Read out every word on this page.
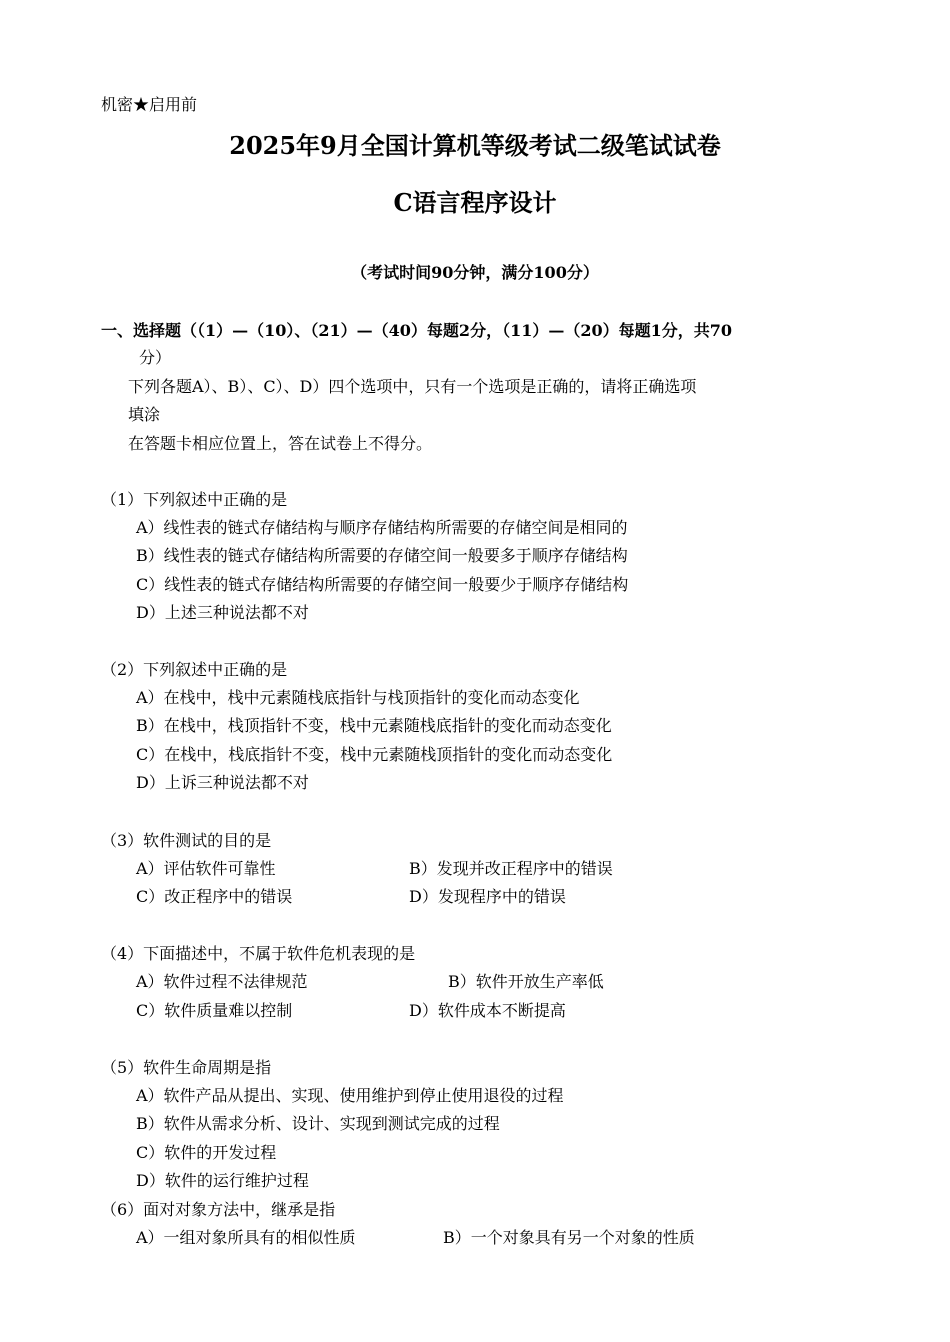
机密★启用前
2025年9月全国计算机等级考试二级笔试试卷
C语言程序设计
（考试时间90分钟，满分100分）
一、选择题（（1）—（10）、（21）—（40）每题2分，（11）—（20）每题1分，共70
分）
下列各题A）、B）、C）、D）四个选项中，只有一个选项是正确的，请将正确选项
填涂
在答题卡相应位置上，答在试卷上不得分。
（1）下列叙述中正确的是
A）线性表的链式存储结构与顺序存储结构所需要的存储空间是相同的
B）线性表的链式存储结构所需要的存储空间一般要多于顺序存储结构
C）线性表的链式存储结构所需要的存储空间一般要少于顺序存储结构
D）上述三种说法都不对
（2）下列叙述中正确的是
A）在栈中，栈中元素随栈底指针与栈顶指针的变化而动态变化
B）在栈中，栈顶指针不变，栈中元素随栈底指针的变化而动态变化
C）在栈中，栈底指针不变，栈中元素随栈顶指针的变化而动态变化
D）上诉三种说法都不对
（3）软件测试的目的是
A）评估软件可靠性	B）发现并改正程序中的错误
C）改正程序中的错误	D）发现程序中的错误
（4）下面描述中，不属于软件危机表现的是
A）软件过程不法律规范	B）软件开放生产率低
C）软件质量难以控制	D）软件成本不断提高
（5）软件生命周期是指
A）软件产品从提出、实现、使用维护到停止使用退役的过程
B）软件从需求分析、设计、实现到测试完成的过程
C）软件的开发过程
D）软件的运行维护过程
（6）面对对象方法中，继承是指
A）一组对象所具有的相似性质	B）一个对象具有另一个对象的性质
